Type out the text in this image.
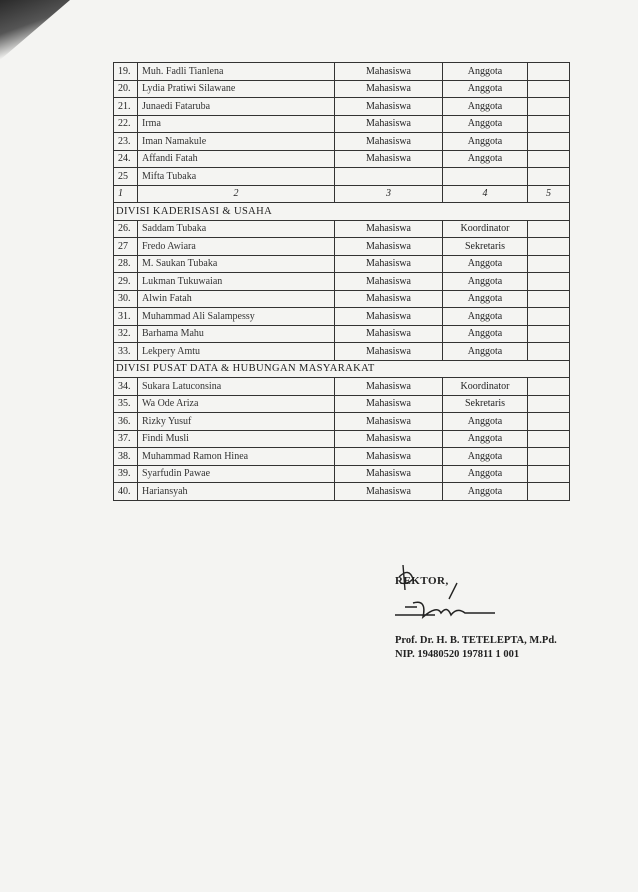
19.	Muh. Fadli Tianlena	Mahasiswa	Anggota	
20.	Lydia Pratiwi Silawane	Mahasiswa	Anggota	
21.	Junaedi Fataruba	Mahasiswa	Anggota	
22.	Irma	Mahasiswa	Anggota	
23.	Iman Namakule	Mahasiswa	Anggota	
24.	Affandi Fatah	Mahasiswa	Anggota	
25	Mifta Tubaka			
1	2	3	4	5
DIVISI KADERISASI & USAHA				
26.	Saddam Tubaka	Mahasiswa	Koordinator	
27	Fredo Awiara	Mahasiswa	Sekretaris	
28.	M. Saukan Tubaka	Mahasiswa	Anggota	
29.	Lukman Tukuwaian	Mahasiswa	Anggota	
30.	Alwin Fatah	Mahasiswa	Anggota	
31.	Muhammad Ali Salampessy	Mahasiswa	Anggota	
32.	Barhama Mahu	Mahasiswa	Anggota	
33.	Lekpery Amtu	Mahasiswa	Anggota	
DIVISI PUSAT DATA & HUBUNGAN MASYARAKAT				
34.	Sukara Latuconsina	Mahasiswa	Koordinator	
35.	Wa Ode Ariza	Mahasiswa	Sekretaris	
36.	Rizky Yusuf	Mahasiswa	Anggota	
37.	Findi Musli	Mahasiswa	Anggota	
38.	Muhammad Ramon Hinea	Mahasiswa	Anggota	
39.	Syarfudin Pawae	Mahasiswa	Anggota	
40.	Hariansyah	Mahasiswa	Anggota	
REKTOR,
Prof. Dr. H. B. TETELEPTA, M.Pd.
NIP. 19480520 197811 1 001
